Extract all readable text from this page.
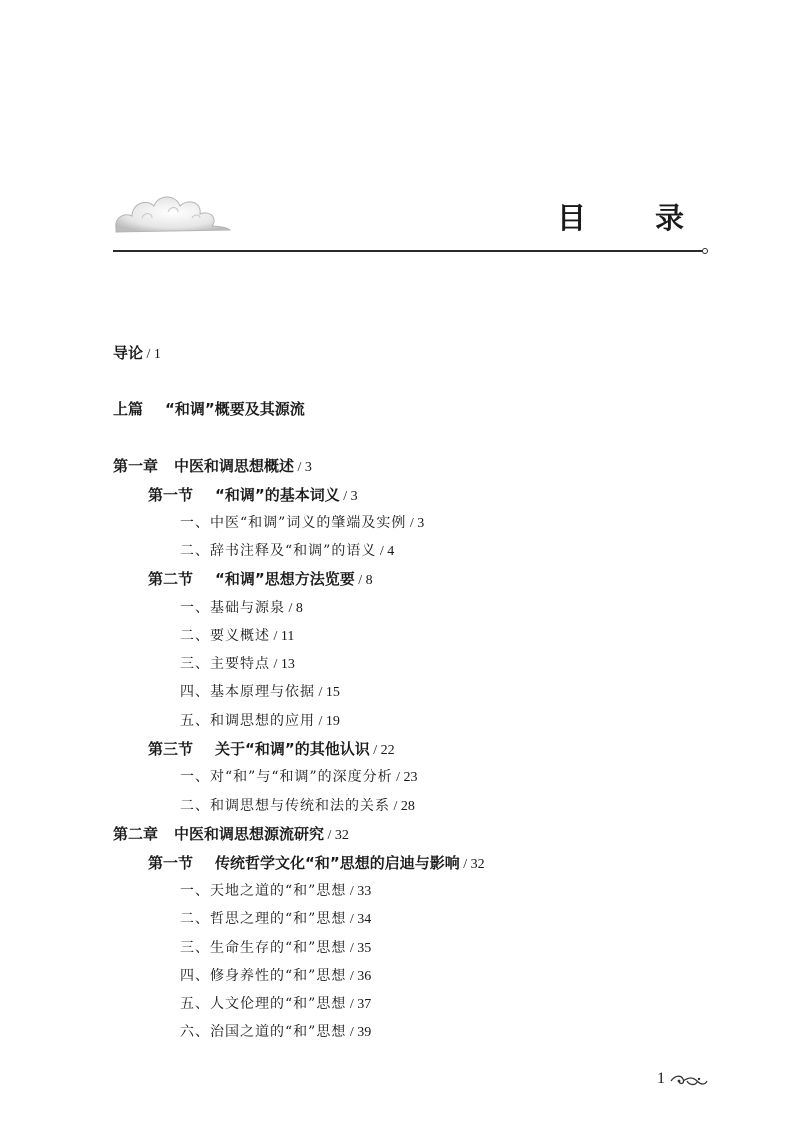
目　录
导论 / 1
上篇 “和调”概要及其源流
第一章 中医和调思想概述 / 3
第一节 “和调”的基本词义 / 3
一、中医“和调”词义的肇端及实例 / 3
二、辞书注释及“和调”的语义 / 4
第二节 “和调”思想方法览要 / 8
一、基础与源泉 / 8
二、要义概述 / 11
三、主要特点 / 13
四、基本原理与依据 / 15
五、和调思想的应用 / 19
第三节 关于“和调”的其他认识 / 22
一、对“和”与“和调”的深度分析 / 23
二、和调思想与传统和法的关系 / 28
第二章 中医和调思想源流研究 / 32
第一节 传统哲学文化“和”思想的启迪与影响 / 32
一、天地之道的“和”思想 / 33
二、哲思之理的“和”思想 / 34
三、生命生存的“和”思想 / 35
四、修身养性的“和”思想 / 36
五、人文伦理的“和”思想 / 37
六、治国之道的“和”思想 / 39
1
